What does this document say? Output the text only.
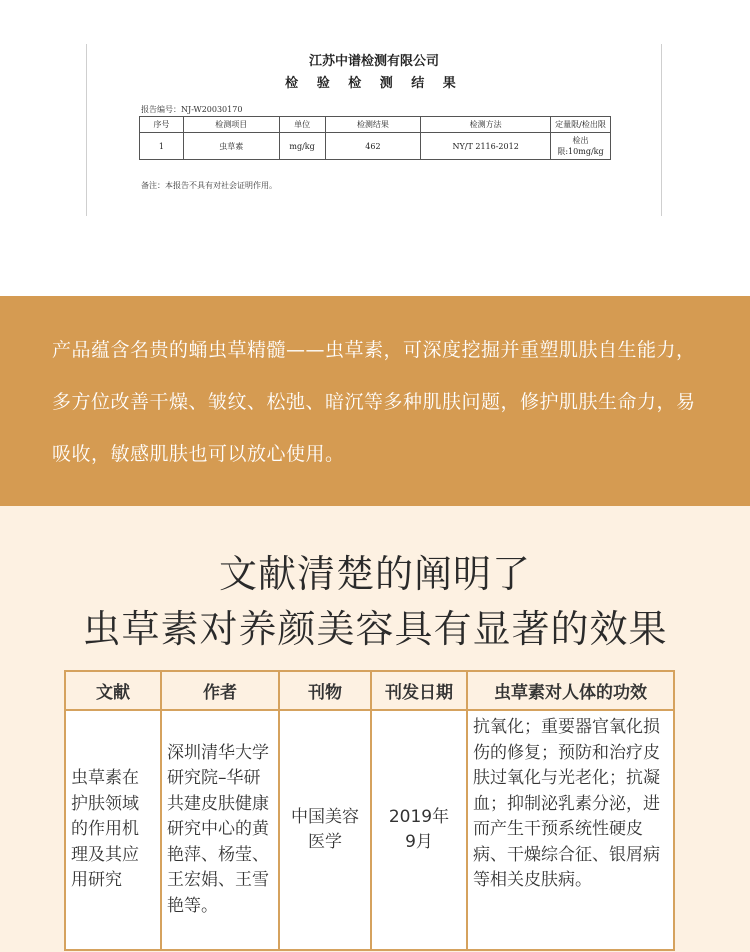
江苏中谱检测有限公司
检 验 检 测 结 果
报告编号：NJ-W20030170
序号	检测项目	单位	检测结果	检测方法	定量限/检出限
1	虫草素	mg/kg	462	NY/T 2116-2012	检出限:10mg/kg
备注：本报告不具有对社会证明作用。

产品蕴含名贵的蛹虫草精髓——虫草素，可深度挖掘并重塑肌肤自生能力，多方位改善干燥、皱纹、松弛、暗沉等多种肌肤问题，修护肌肤生命力，易吸收，敏感肌肤也可以放心使用。

文献清楚的阐明了
虫草素对养颜美容具有显著的效果
文献	作者	刊物	刊发日期	虫草素对人体的功效
虫草素在护肤领域的作用机理及其应用研究	深圳清华大学研究院–华研共建皮肤健康研究中心的黄艳萍、杨莹、王宏娟、王雪艳等。	中国美容医学	2019年9月	抗氧化；重要器官氧化损伤的修复；预防和治疗皮肤过氧化与光老化；抗凝血；抑制泌乳素分泌，进而产生干预系统性硬皮病、干燥综合征、银屑病等相关皮肤病。
